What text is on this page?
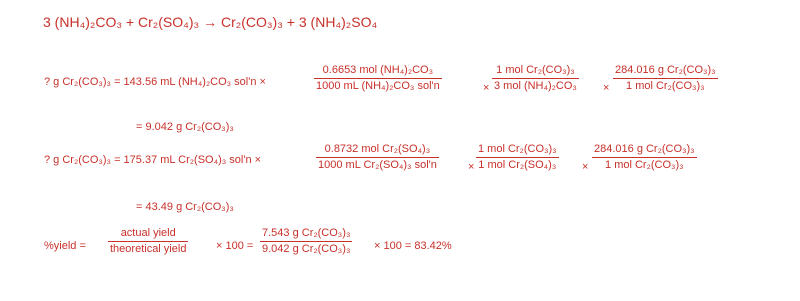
3 (NH₄)₂CO₃ + Cr₂(SO₄)₃ → Cr₂(CO₃)₃ + 3 (NH₄)₂SO₄
? g Cr₂(CO₃)₃ = 143.56 mL (NH₄)₂CO₃ sol'n ×
0.6653 mol (NH₄)₂CO₃
1000 mL (NH₄)₂CO₃ sol'n	×
1 mol Cr₂(CO₃)₃
3 mol (NH₄)₂CO₃ ×
284.016 g Cr₂(CO₃)₃
1 mol Cr₂(CO₃)₃
= 9.042 g Cr₂(CO₃)₃
? g Cr₂(CO₃)₃ = 175.37 mL Cr₂(SO₄)₃ sol'n ×
0.8732 mol Cr₂(SO₄)₃
1000 mL Cr₂(SO₄)₃ sol'n	×
1 mol Cr₂(CO₃)₃
1 mol Cr₂(SO₄)₃ ×
284.016 g Cr₂(CO₃)₃
1 mol Cr₂(CO₃)₃
= 43.49 g Cr₂(CO₃)₃
%yield =
actual yield
theoretical yield	× $100 = \frac{\text{7.543 g Cr₂(CO₃)₃}}{\text{9.042 g Cr₂(CO₃)₃}} \times 100 = 83.42\%$
